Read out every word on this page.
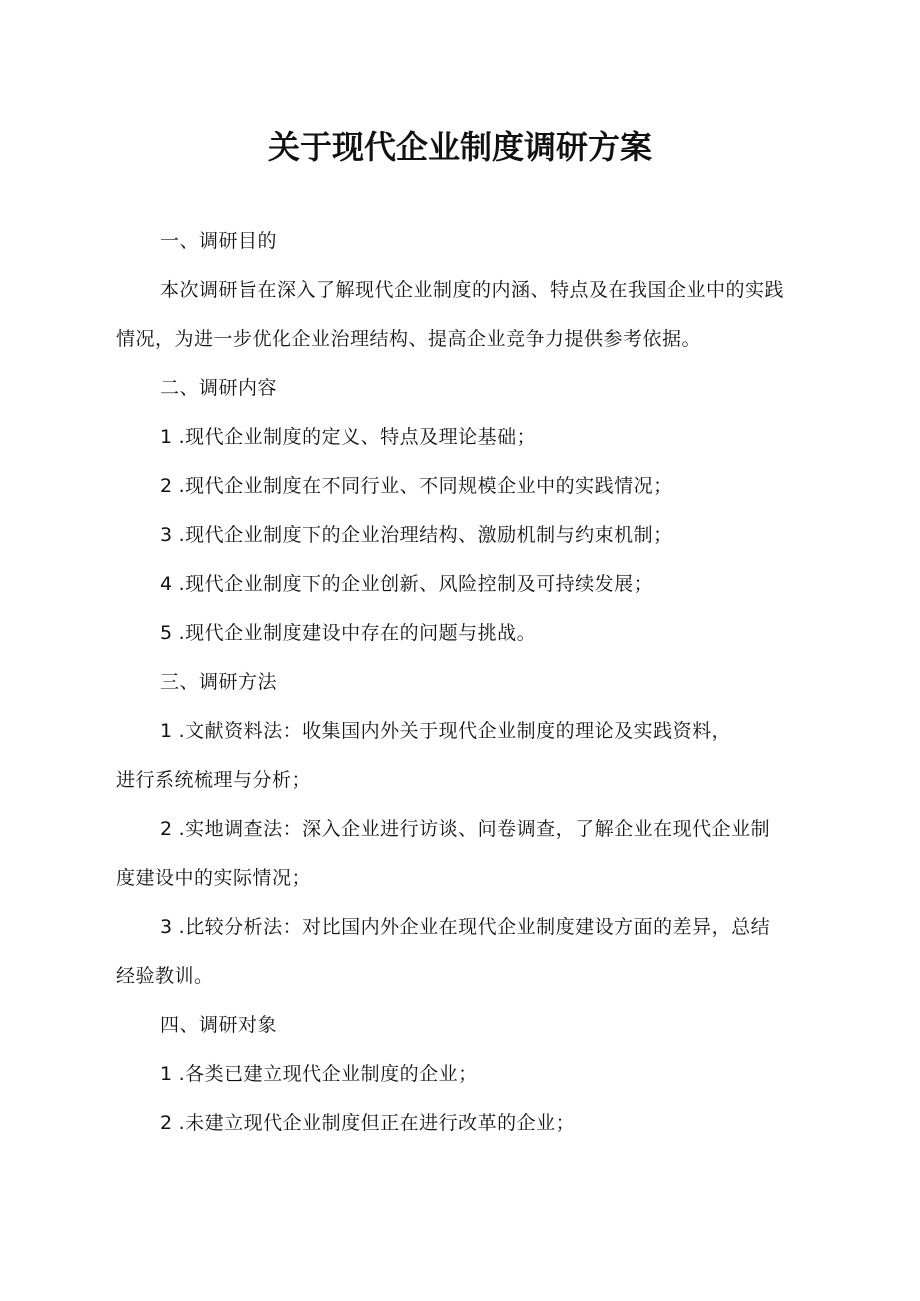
关于现代企业制度调研方案
一、调研目的
本次调研旨在深入了解现代企业制度的内涵、特点及在我国企业中的实践
情况，为进一步优化企业治理结构、提高企业竞争力提供参考依据。
二、调研内容
1 .现代企业制度的定义、特点及理论基础；
2 .现代企业制度在不同行业、不同规模企业中的实践情况；
3 .现代企业制度下的企业治理结构、激励机制与约束机制；
4 .现代企业制度下的企业创新、风险控制及可持续发展；
5 .现代企业制度建设中存在的问题与挑战。
三、调研方法
1 .文献资料法：收集国内外关于现代企业制度的理论及实践资料，
进行系统梳理与分析；
2 .实地调查法：深入企业进行访谈、问卷调查，了解企业在现代企业制
度建设中的实际情况；
3 .比较分析法：对比国内外企业在现代企业制度建设方面的差异，总结
经验教训。
四、调研对象
1 .各类已建立现代企业制度的企业；
2 .未建立现代企业制度但正在进行改革的企业；
